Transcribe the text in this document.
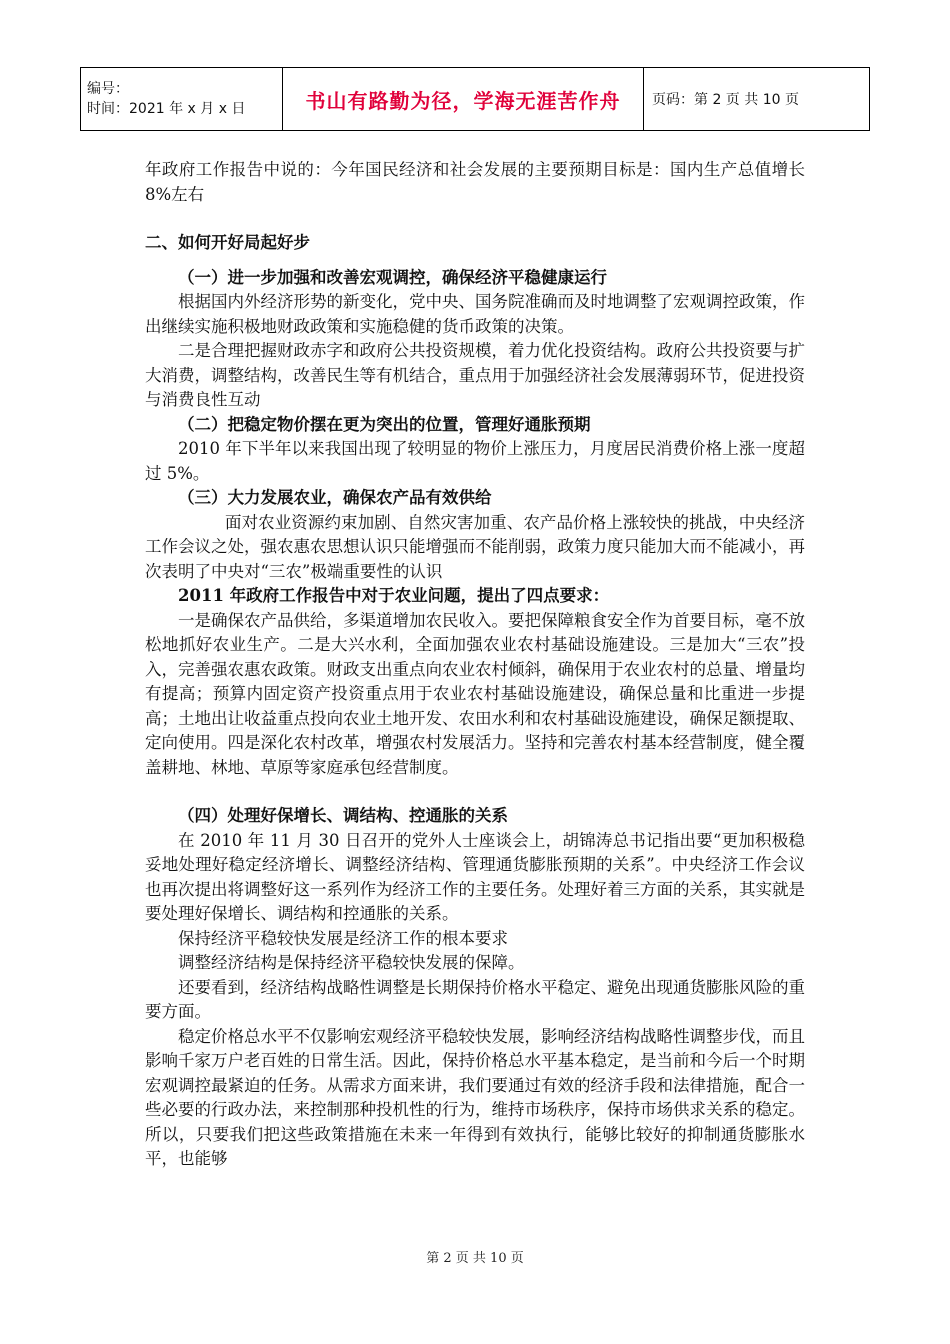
编号：
时间：2021 年 x 月 x 日	书山有路勤为径，学海无涯苦作舟	页码：第 2 页 共 10 页

年政府工作报告中说的：今年国民经济和社会发展的主要预期目标是：国内生产总值增长 8%左右

二、如何开好局起好步

（一）进一步加强和改善宏观调控，确保经济平稳健康运行

根据国内外经济形势的新变化，党中央、国务院准确而及时地调整了宏观调控政策，作出继续实施积极地财政政策和实施稳健的货币政策的决策。

二是合理把握财政赤字和政府公共投资规模，着力优化投资结构。政府公共投资要与扩大消费，调整结构，改善民生等有机结合，重点用于加强经济社会发展薄弱环节，促进投资与消费良性互动

（二）把稳定物价摆在更为突出的位置，管理好通胀预期

2010 年下半年以来我国出现了较明显的物价上涨压力，月度居民消费价格上涨一度超过 5%。

（三）大力发展农业，确保农产品有效供给

面对农业资源约束加剧、自然灾害加重、农产品价格上涨较快的挑战，中央经济工作会议之处，强农惠农思想认识只能增强而不能削弱，政策力度只能加大而不能减小，再次表明了中央对“三农”极端重要性的认识

2011 年政府工作报告中对于农业问题，提出了四点要求：

一是确保农产品供给，多渠道增加农民收入。要把保障粮食安全作为首要目标，毫不放松地抓好农业生产。二是大兴水利，全面加强农业农村基础设施建设。三是加大“三农”投入，完善强农惠农政策。财政支出重点向农业农村倾斜，确保用于农业农村的总量、增量均有提高；预算内固定资产投资重点用于农业农村基础设施建设，确保总量和比重进一步提高；土地出让收益重点投向农业土地开发、农田水利和农村基础设施建设，确保足额提取、定向使用。四是深化农村改革，增强农村发展活力。坚持和完善农村基本经营制度，健全覆盖耕地、林地、草原等家庭承包经营制度。

（四）处理好保增长、调结构、控通胀的关系

在 2010 年 11 月 30 日召开的党外人士座谈会上，胡锦涛总书记指出要“更加积极稳妥地处理好稳定经济增长、调整经济结构、管理通货膨胀预期的关系”。中央经济工作会议也再次提出将调整好这一系列作为经济工作的主要任务。处理好着三方面的关系，其实就是要处理好保增长、调结构和控通胀的关系。

保持经济平稳较快发展是经济工作的根本要求

调整经济结构是保持经济平稳较快发展的保障。

还要看到，经济结构战略性调整是长期保持价格水平稳定、避免出现通货膨胀风险的重要方面。

稳定价格总水平不仅影响宏观经济平稳较快发展，影响经济结构战略性调整步伐，而且影响千家万户老百姓的日常生活。因此，保持价格总水平基本稳定，是当前和今后一个时期宏观调控最紧迫的任务。从需求方面来讲，我们要通过有效的经济手段和法律措施，配合一些必要的行政办法，来控制那种投机性的行为，维持市场秩序，保持市场供求关系的稳定。所以，只要我们把这些政策措施在未来一年得到有效执行，能够比较好的抑制通货膨胀水平，也能够

第 2 页 共 10 页
